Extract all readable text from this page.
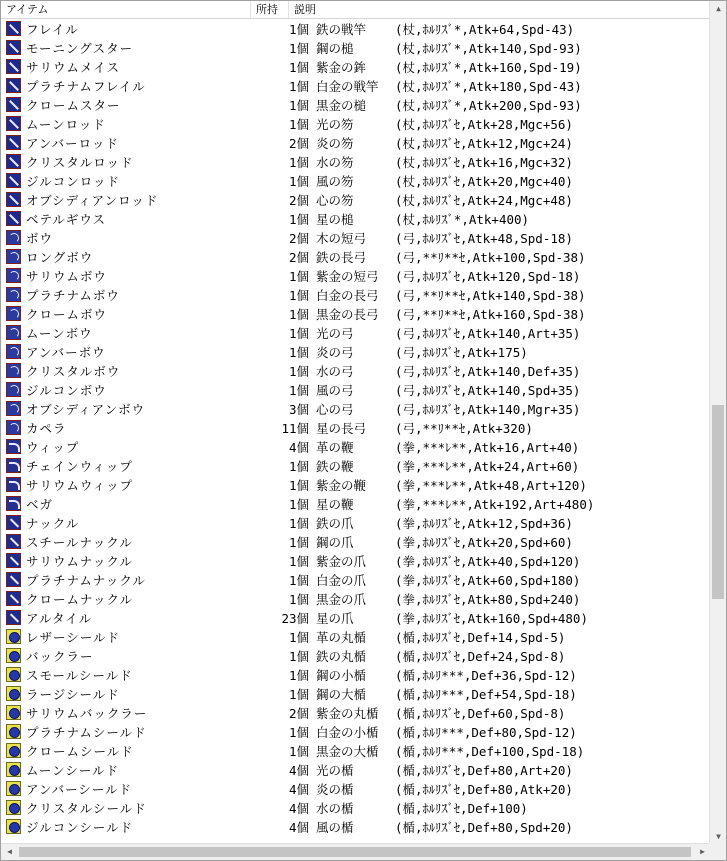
アイテム	所持	説明
フレイル	1個 鉄の戦竿	(杖,ﾎﾙﾘｽﾞ*,Atk+64,Spd-43)
モーニングスター	1個 鋼の槌	(杖,ﾎﾙﾘｽﾞ*,Atk+140,Spd-93)
サリウムメイス	1個 紫金の鉾	(杖,ﾎﾙﾘｽﾞ*,Atk+160,Spd-19)
プラチナムフレイル	1個 白金の戦竿	(杖,ﾎﾙﾘｽﾞ*,Atk+180,Spd-43)
クロームスター	1個 黒金の槌	(杖,ﾎﾙﾘｽﾞ*,Atk+200,Spd-93)
ムーンロッド	1個 光の笏	(杖,ﾎﾙﾘｽﾞｾ,Atk+28,Mgc+56)
アンバーロッド	2個 炎の笏	(杖,ﾎﾙﾘｽﾞｾ,Atk+12,Mgc+24)
クリスタルロッド	1個 水の笏	(杖,ﾎﾙﾘｽﾞｾ,Atk+16,Mgc+32)
ジルコンロッド	1個 風の笏	(杖,ﾎﾙﾘｽﾞｾ,Atk+20,Mgc+40)
オブシディアンロッド	2個 心の笏	(杖,ﾎﾙﾘｽﾞｾ,Atk+24,Mgc+48)
ベテルギウス	1個 星の槌	(杖,ﾎﾙﾘｽﾞ*,Atk+400)
ボウ	2個 木の短弓	(弓,ﾎﾙﾘｽﾞｾ,Atk+48,Spd-18)
ロングボウ	2個 鉄の長弓	(弓,**ﾘ**ｾ,Atk+100,Spd-38)
サリウムボウ	1個 紫金の短弓	(弓,ﾎﾙﾘｽﾞｾ,Atk+120,Spd-18)
プラチナムボウ	1個 白金の長弓	(弓,**ﾘ**ｾ,Atk+140,Spd-38)
クロームボウ	1個 黒金の長弓	(弓,**ﾘ**ｾ,Atk+160,Spd-38)
ムーンボウ	1個 光の弓	(弓,ﾎﾙﾘｽﾞｾ,Atk+140,Art+35)
アンバーボウ	1個 炎の弓	(弓,ﾎﾙﾘｽﾞｾ,Atk+175)
クリスタルボウ	1個 水の弓	(弓,ﾎﾙﾘｽﾞｾ,Atk+140,Def+35)
ジルコンボウ	1個 風の弓	(弓,ﾎﾙﾘｽﾞｾ,Atk+140,Spd+35)
オブシディアンボウ	3個 心の弓	(弓,ﾎﾙﾘｽﾞｾ,Atk+140,Mgr+35)
カペラ	11個 星の長弓	(弓,**ﾘ**ｾ,Atk+320)
ウィップ	4個 革の鞭	(拳,***ﾚ**,Atk+16,Art+40)
チェインウィップ	1個 鉄の鞭	(拳,***ﾚ**,Atk+24,Art+60)
サリウムウィップ	1個 紫金の鞭	(拳,***ﾚ**,Atk+48,Art+120)
ベガ	1個 星の鞭	(拳,***ﾚ**,Atk+192,Art+480)
ナックル	1個 鉄の爪	(拳,ﾎﾙﾘｽﾞｾ,Atk+12,Spd+36)
スチールナックル	1個 鋼の爪	(拳,ﾎﾙﾘｽﾞｾ,Atk+20,Spd+60)
サリウムナックル	1個 紫金の爪	(拳,ﾎﾙﾘｽﾞｾ,Atk+40,Spd+120)
プラチナムナックル	1個 白金の爪	(拳,ﾎﾙﾘｽﾞｾ,Atk+60,Spd+180)
クロームナックル	1個 黒金の爪	(拳,ﾎﾙﾘｽﾞｾ,Atk+80,Spd+240)
アルタイル	23個 星の爪	(拳,ﾎﾙﾘｽﾞｾ,Atk+160,Spd+480)
レザーシールド	1個 革の丸楯	(楯,ﾎﾙﾘｽﾞｾ,Def+14,Spd-5)
バックラー	1個 鉄の丸楯	(楯,ﾎﾙﾘｽﾞｾ,Def+24,Spd-8)
スモールシールド	1個 鋼の小楯	(楯,ﾎﾙﾘ***,Def+36,Spd-12)
ラージシールド	1個 鋼の大楯	(楯,ﾎﾙﾘ***,Def+54,Spd-18)
サリウムバックラー	2個 紫金の丸楯	(楯,ﾎﾙﾘｽﾞｾ,Def+60,Spd-8)
プラチナムシールド	1個 白金の小楯	(楯,ﾎﾙﾘ***,Def+80,Spd-12)
クロームシールド	1個 黒金の大楯	(楯,ﾎﾙﾘ***,Def+100,Spd-18)
ムーンシールド	4個 光の楯	(楯,ﾎﾙﾘｽﾞｾ,Def+80,Art+20)
アンバーシールド	4個 炎の楯	(楯,ﾎﾙﾘｽﾞｾ,Def+80,Atk+20)
クリスタルシールド	4個 水の楯	(楯,ﾎﾙﾘｽﾞｾ,Def+100)
ジルコンシールド	4個 風の楯	(楯,ﾎﾙﾘｽﾞｾ,Def+80,Spd+20)
▲
▼
◀	▶
